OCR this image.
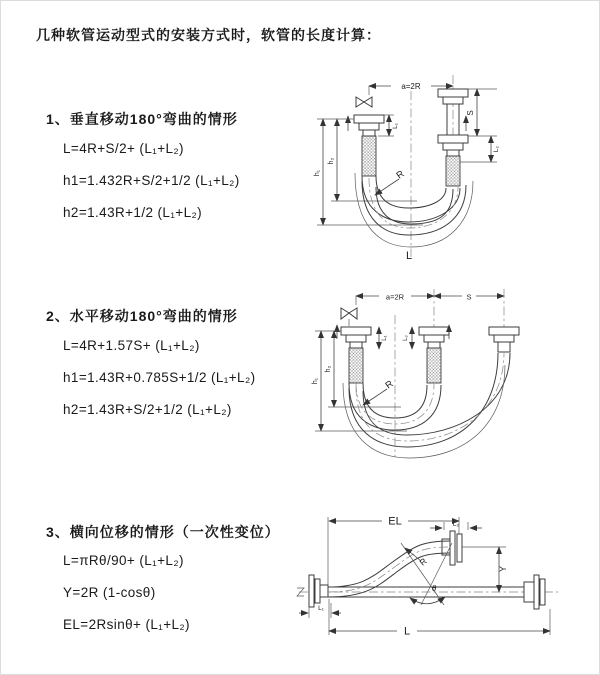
几种软管运动型式的安装方式时，软管的长度计算：
1、垂直移动180°弯曲的情形
L=4R+S/2+ (L₁+L₂)
h1=1.432R+S/2+1/2 (L₁+L₂)
h2=1.43R+1/2 (L₁+L₂)
2、水平移动180°弯曲的情形
L=4R+1.57S+ (L₁+L₂)
h1=1.43R+0.785S+1/2 (L₁+L₂)
h2=1.43R+S/2+1/2 (L₁+L₂)
3、横向位移的情形（一次性变位）
L=πRθ/90+ (L₁+L₂)
Y=2R (1-cosθ)
EL=2Rsinθ+ (L₁+L₂)
a=2R
L₁
S
L₂
h₁
h₂
R
L
a=2R	S
L₁	L₂
h₁
h₂
R
EL	L₂
θ
R
Y
L
L₁
